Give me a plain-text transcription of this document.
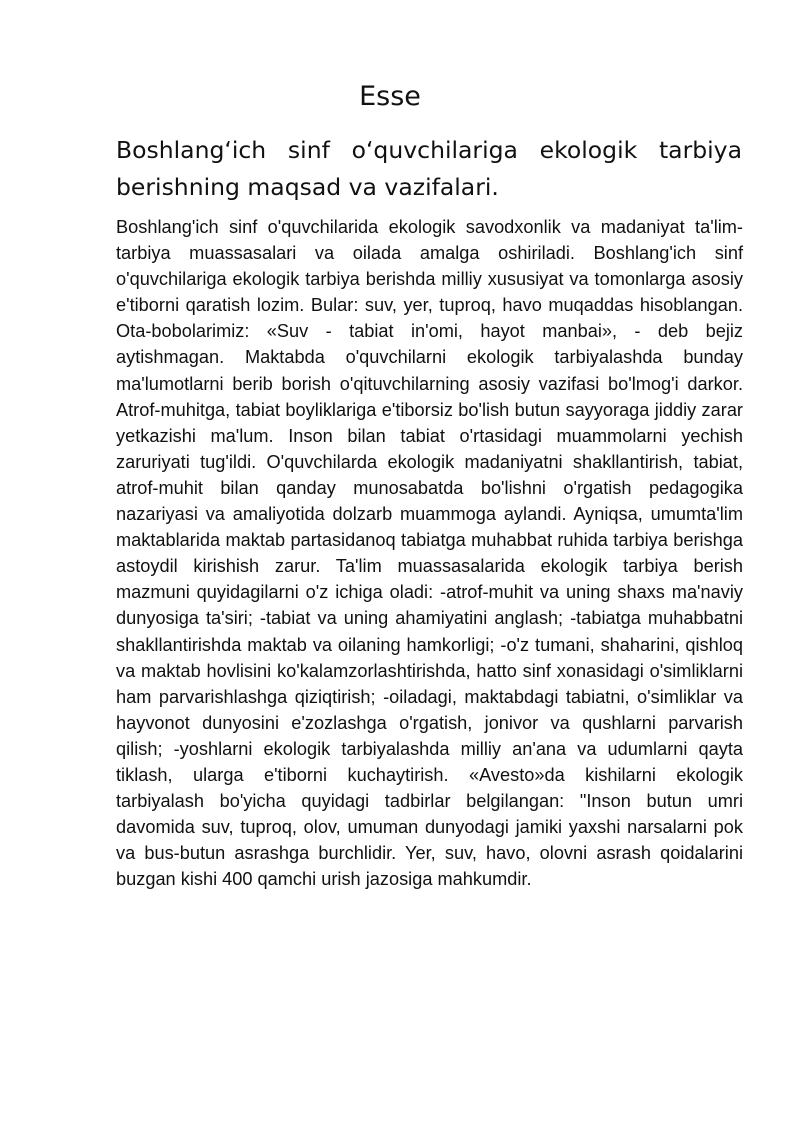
Esse
Boshlang‘ich sinf o‘quvchilariga ekologik tarbiya berishning maqsad va vazifalari.

Boshlang'ich sinf o'quvchilarida ekologik savodxonlik va madaniyat ta'lim-tarbiya muassasalari va oilada amalga oshiriladi. Boshlang'ich sinf o'quvchilariga ekologik tarbiya berishda milliy xususiyat va tomonlarga asosiy e'tiborni qaratish lozim. Bular: suv, yer, tuproq, havo muqaddas hisoblangan. Ota-bobolarimiz: «Suv - tabiat in'omi, hayot manbai», - deb bejiz aytishmagan. Maktabda o'quvchilarni ekologik tarbiyalashda bunday ma'lumotlarni berib borish o'qituvchilarning asosiy vazifasi bo'lmog'i darkor. Atrof-muhitga, tabiat boyliklariga e'tiborsiz bo'lish butun sayyoraga jiddiy zarar yetkazishi ma'lum. Inson bilan tabiat o'rtasidagi muammolarni yechish zaruriyati tug'ildi. O'quvchilarda ekologik madaniyatni shakllantirish, tabiat, atrof-muhit bilan qanday munosabatda bo'lishni o'rgatish pedagogika nazariyasi va amaliyotida dolzarb muammoga aylandi. Ayniqsa, umumta'lim maktablarida maktab partasidanoq tabiatga muhabbat ruhida tarbiya berishga astoydil kirishish zarur. Ta'lim muassasalarida ekologik tarbiya berish mazmuni quyidagilarni o'z ichiga oladi: -atrof-muhit va uning shaxs ma'naviy dunyosiga ta'siri; -tabiat va uning ahamiyatini anglash; -tabiatga muhabbatni shakllantirishda maktab va oilaning hamkorligi; -o'z tumani, shaharini, qishloq va maktab hovlisini ko'kalamzorlashtirishda, hatto sinf xonasidagi o'simliklarni ham parvarishlashga qiziqtirish; -oiladagi, maktabdagi tabiatni, o'simliklar va hayvonot dunyosini e'zozlashga o'rgatish, jonivor va qushlarni parvarish qilish; -yoshlarni ekologik tarbiyalashda milliy an'ana va udumlarni qayta tiklash, ularga e'tiborni kuchaytirish. «Avesto»da kishilarni ekologik tarbiyalash bo'yicha quyidagi tadbirlar belgilangan: "Inson butun umri davomida suv, tuproq, olov, umuman dunyodagi jamiki yaxshi narsalarni pok va bus-butun asrashga burchlidir. Yer, suv, havo, olovni asrash qoidalarini buzgan kishi 400 qamchi urish jazosiga mahkumdir.
